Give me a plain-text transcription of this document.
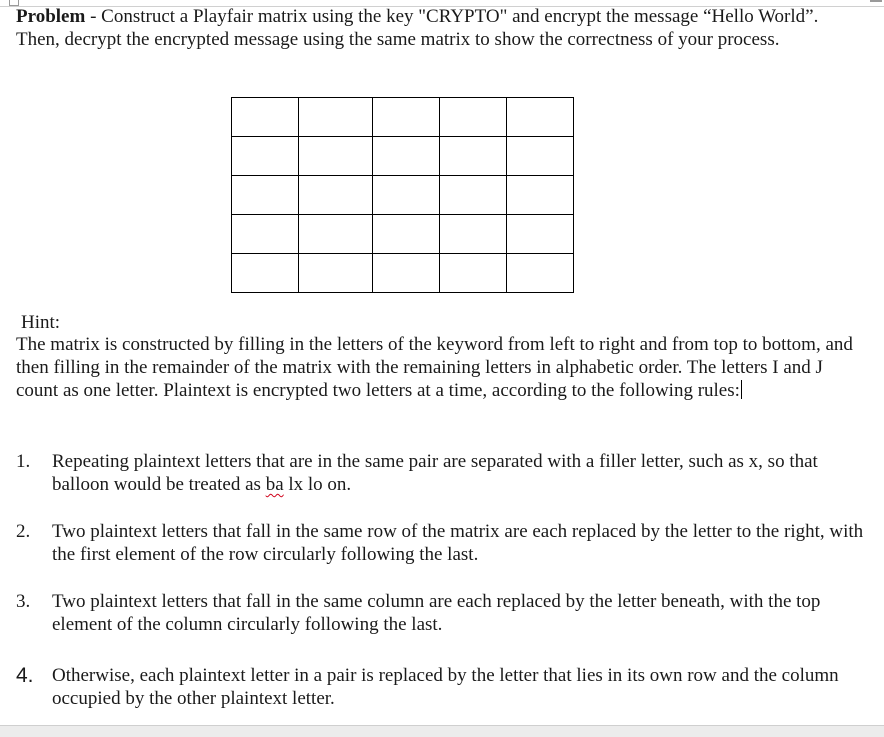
Problem - Construct a Playfair matrix using the key "CRYPTO" and encrypt the message “Hello World”. Then, decrypt the encrypted message using the same matrix to show the correctness of your process.

Hint:

The matrix is constructed by filling in the letters of the keyword from left to right and from top to bottom, and then filling in the remainder of the matrix with the remaining letters in alphabetic order. The letters I and J count as one letter. Plaintext is encrypted two letters at a time, according to the following rules:

1.	Repeating plaintext letters that are in the same pair are separated with a filler letter, such as x, so that balloon would be treated as ba lx lo on.
2.	Two plaintext letters that fall in the same row of the matrix are each replaced by the letter to the right, with the first element of the row circularly following the last.
3.	Two plaintext letters that fall in the same column are each replaced by the letter beneath, with the top element of the column circularly following the last.
4. Otherwise, each plaintext letter in a pair is replaced by the letter that lies in its own row and the column occupied by the other plaintext letter.
